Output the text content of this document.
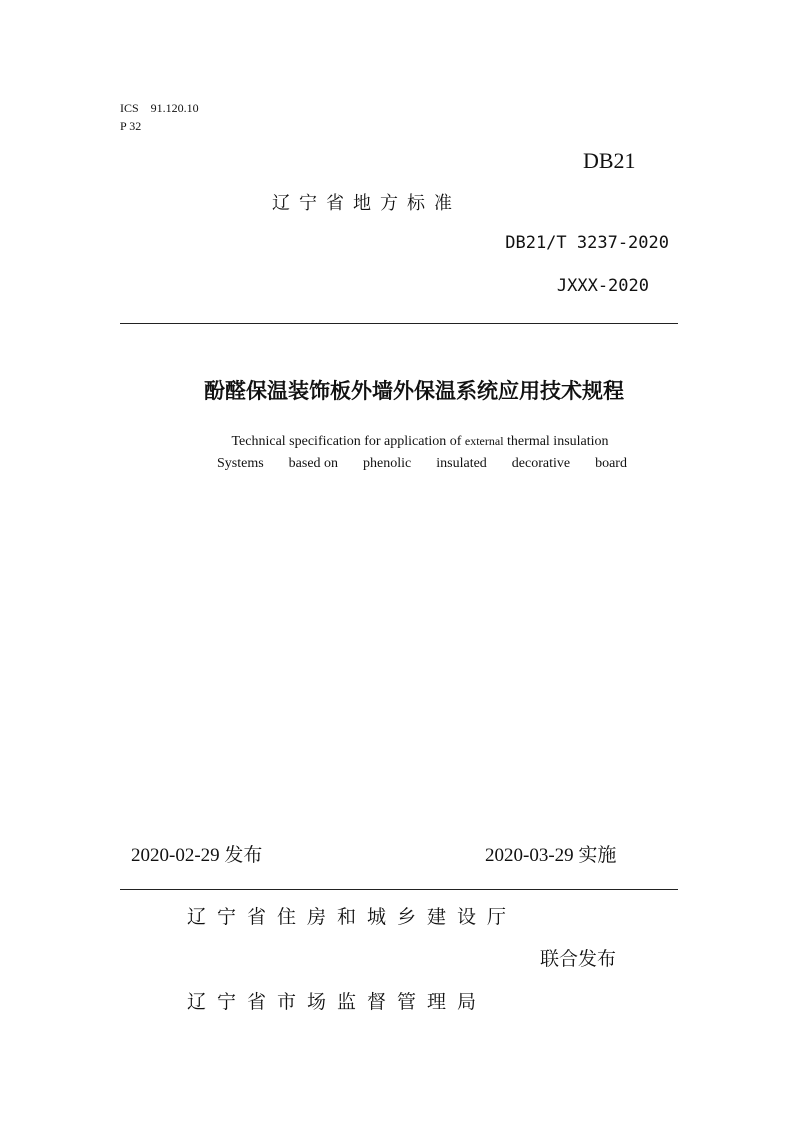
ICS　91.120.10
P 32
DB21
辽宁省地方标准
DB21/T 3237-2020
JXXX-2020
酚醛保温装饰板外墙外保温系统应用技术规程
Technical specification for application of external thermal insulation
Systems based on phenolic insulated decorative board
2020-02-29 发布	2020-03-29 实施
辽宁省住房和城乡建设厅
联合发布
辽宁省市场监督管理局
